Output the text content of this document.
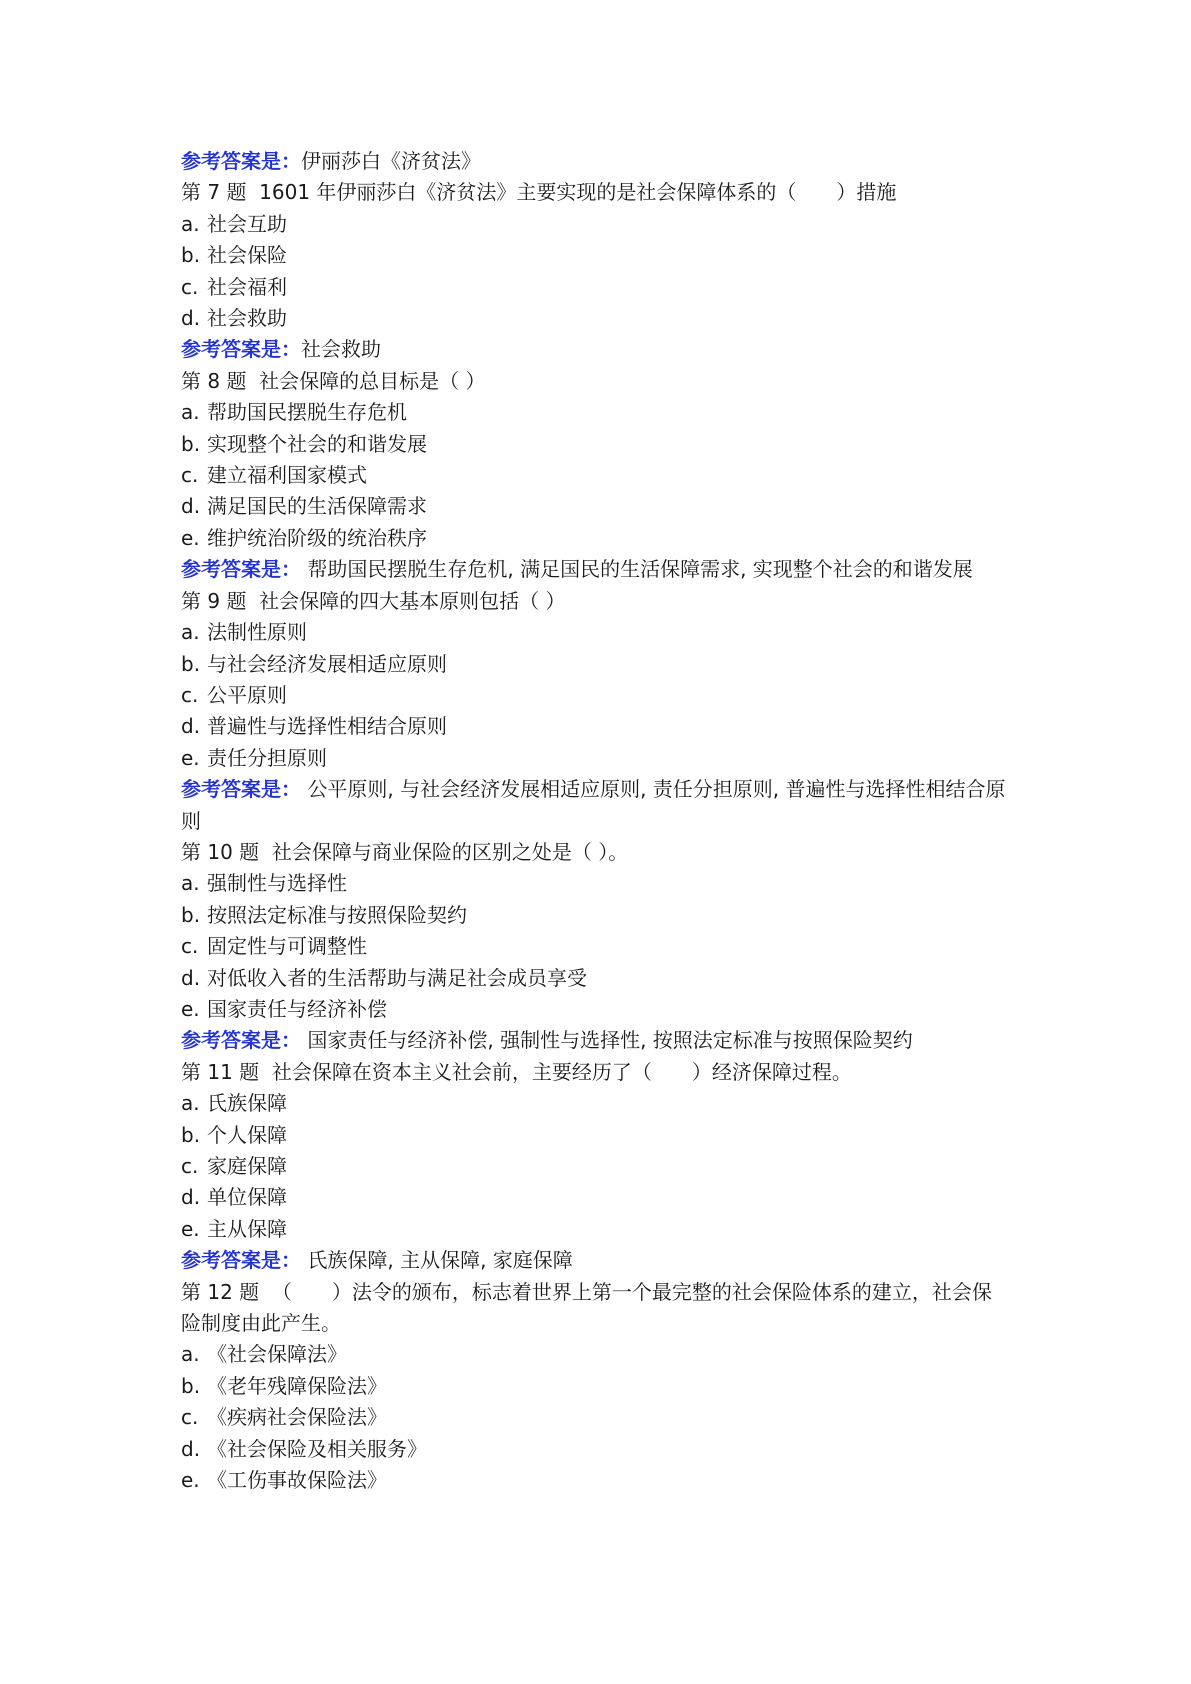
参考答案是：伊丽莎白《济贫法》

第 7 题 1601 年伊丽莎白《济贫法》主要实现的是社会保障体系的（　　）措施

a. 社会互助

b. 社会保险

c. 社会福利

d. 社会救助

参考答案是：社会救助

第 8 题 社会保障的总目标是（ ）

a. 帮助国民摆脱生存危机

b. 实现整个社会的和谐发展

c. 建立福利国家模式

d. 满足国民的生活保障需求

e. 维护统治阶级的统治秩序

参考答案是： 帮助国民摆脱生存危机, 满足国民的生活保障需求, 实现整个社会的和谐发展

第 9 题 社会保障的四大基本原则包括（ ）

a. 法制性原则

b. 与社会经济发展相适应原则

c. 公平原则

d. 普遍性与选择性相结合原则

e. 责任分担原则

参考答案是： 公平原则, 与社会经济发展相适应原则, 责任分担原则, 普遍性与选择性相结合原则

第 10 题 社会保障与商业保险的区别之处是（ ）。

a. 强制性与选择性

b. 按照法定标准与按照保险契约

c. 固定性与可调整性

d. 对低收入者的生活帮助与满足社会成员享受

e. 国家责任与经济补偿

参考答案是： 国家责任与经济补偿, 强制性与选择性, 按照法定标准与按照保险契约

第 11 题 社会保障在资本主义社会前，主要经历了（　　）经济保障过程。

a. 氏族保障

b. 个人保障

c. 家庭保障

d. 单位保障

e. 主从保障

参考答案是： 氏族保障, 主从保障, 家庭保障

第 12 题 （　　）法令的颁布，标志着世界上第一个最完整的社会保险体系的建立，社会保险制度由此产生。

a. 《社会保障法》

b. 《老年残障保险法》

c. 《疾病社会保险法》

d. 《社会保险及相关服务》

e. 《工伤事故保险法》
